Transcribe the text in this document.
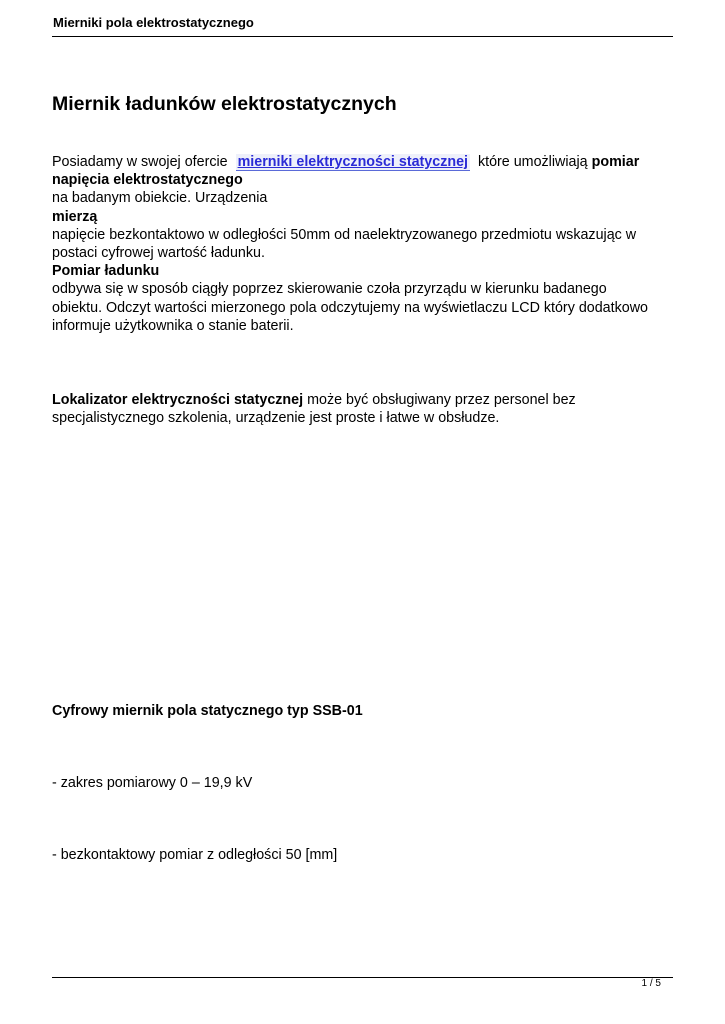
Mierniki pola elektrostatycznego
Miernik ładunków elektrostatycznych
Posiadamy w swojej ofercie mierniki elektryczności statycznej które umożliwiają pomiar
napięcia elektrostatycznego
na badanym obiekcie. Urządzenia
mierzą
napięcie bezkontaktowo w odległości 50mm od naelektryzowanego przedmiotu wskazując w
postaci cyfrowej wartość ładunku.
Pomiar ładunku
odbywa się w sposób ciągły poprzez skierowanie czoła przyrządu w kierunku badanego
obiektu. Odczyt wartości mierzonego pola odczytujemy na wyświetlaczu LCD który dodatkowo
informuje użytkownika o stanie baterii.
Lokalizator elektryczności statycznej może być obsługiwany przez personel bez
specjalistycznego szkolenia, urządzenie jest proste i łatwe w obsłudze.
Cyfrowy miernik pola statycznego typ SSB-01
- zakres pomiarowy 0 – 19,9 kV
- bezkontaktowy pomiar z odległości 50 [mm]
1 / 5
